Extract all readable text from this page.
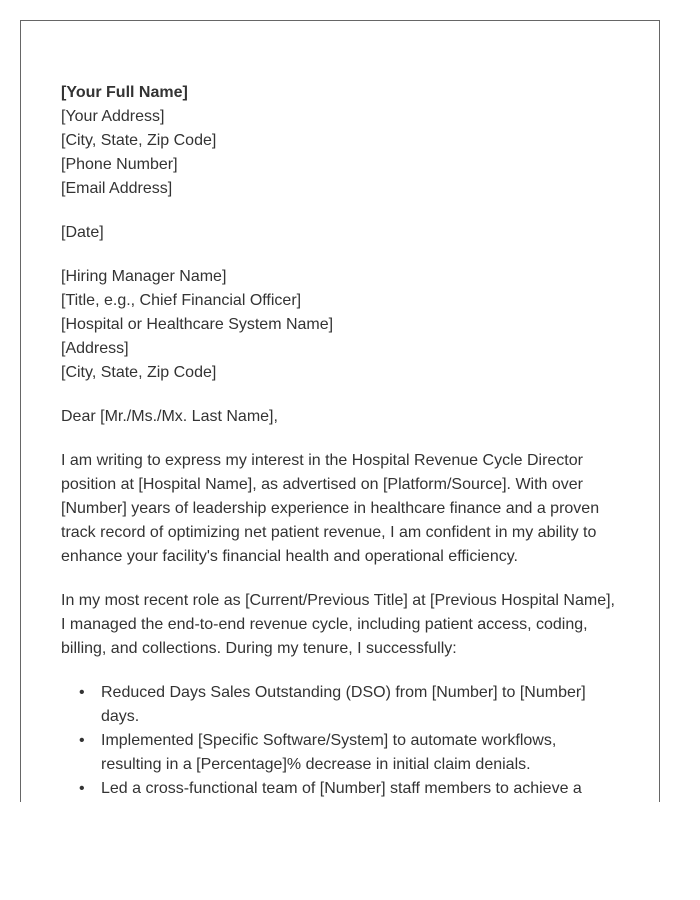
[Your Full Name]
[Your Address]
[City, State, Zip Code]
[Phone Number]
[Email Address]
[Date]
[Hiring Manager Name]
[Title, e.g., Chief Financial Officer]
[Hospital or Healthcare System Name]
[Address]
[City, State, Zip Code]
Dear [Mr./Ms./Mx. Last Name],

I am writing to express my interest in the Hospital Revenue Cycle Director position at [Hospital Name], as advertised on [Platform/Source]. With over [Number] years of leadership experience in healthcare finance and a proven track record of optimizing net patient revenue, I am confident in my ability to enhance your facility's financial health and operational efficiency.

In my most recent role as [Current/Previous Title] at [Previous Hospital Name], I managed the end-to-end revenue cycle, including patient access, coding, billing, and collections. During my tenure, I successfully:

• Reduced Days Sales Outstanding (DSO) from [Number] to [Number] days.
• Implemented [Specific Software/System] to automate workflows, resulting in a [Percentage]% decrease in initial claim denials.
• Led a cross-functional team of [Number] staff members to achieve a
